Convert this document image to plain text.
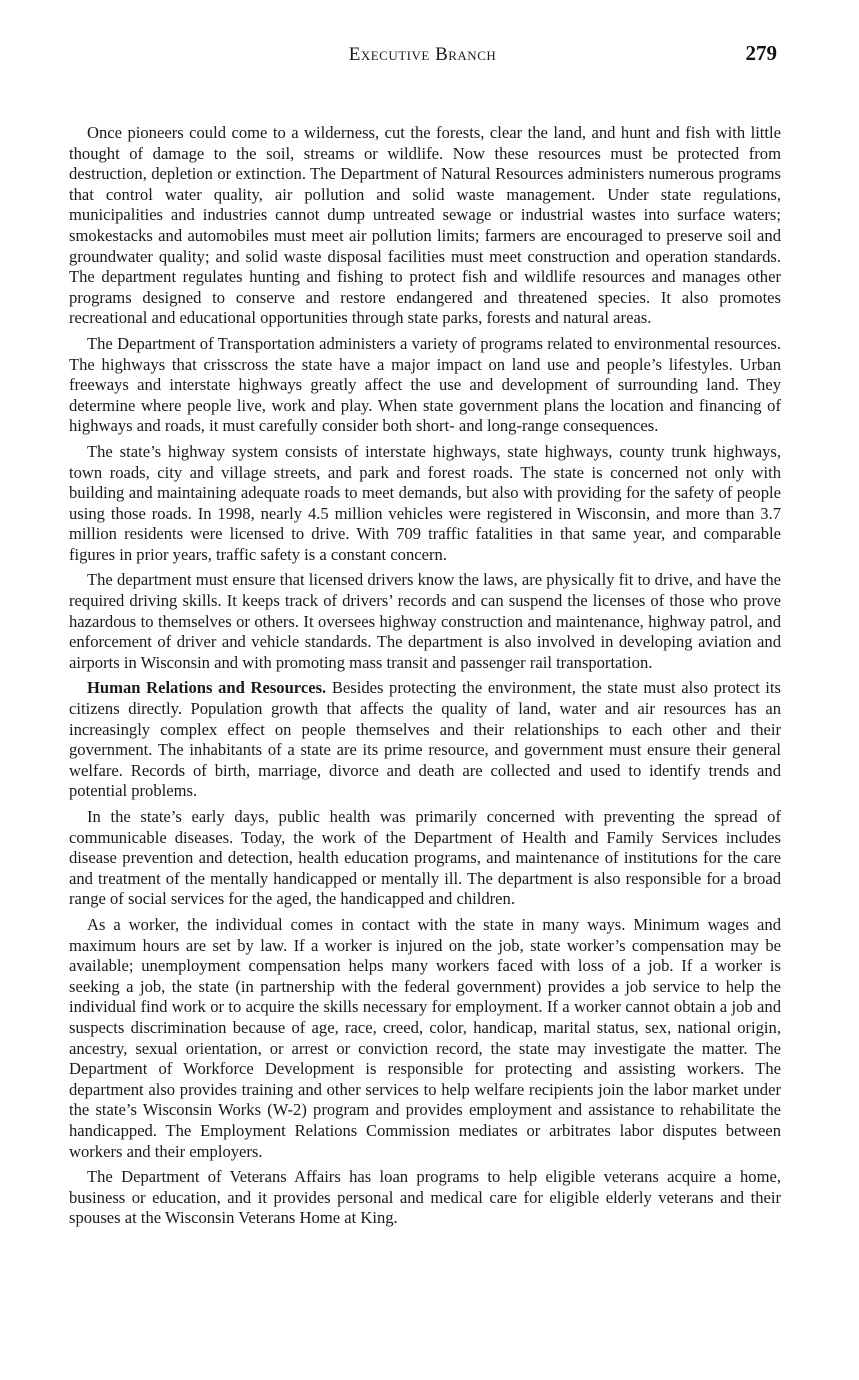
Executive Branch	279

Once pioneers could come to a wilderness, cut the forests, clear the land, and hunt and fish with little thought of damage to the soil, streams or wildlife. Now these resources must be protected from destruction, depletion or extinction. The Department of Natural Resources administers numerous programs that control water quality, air pollution and solid waste management. Under state regulations, municipalities and industries cannot dump untreated sewage or industrial wastes into surface waters; smokestacks and automobiles must meet air pollution limits; farmers are encouraged to preserve soil and groundwater quality; and solid waste disposal facilities must meet construction and operation standards. The department regulates hunting and fishing to protect fish and wildlife resources and manages other programs designed to conserve and restore endangered and threatened species. It also promotes recreational and educational opportunities through state parks, forests and natural areas.

The Department of Transportation administers a variety of programs related to environmental resources. The highways that crisscross the state have a major impact on land use and people’s lifestyles. Urban freeways and interstate highways greatly affect the use and development of surrounding land. They determine where people live, work and play. When state government plans the location and financing of highways and roads, it must carefully consider both short- and long-range consequences.

The state’s highway system consists of interstate highways, state highways, county trunk highways, town roads, city and village streets, and park and forest roads. The state is concerned not only with building and maintaining adequate roads to meet demands, but also with providing for the safety of people using those roads. In 1998, nearly 4.5 million vehicles were registered in Wisconsin, and more than 3.7 million residents were licensed to drive. With 709 traffic fatalities in that same year, and comparable figures in prior years, traffic safety is a constant concern.

The department must ensure that licensed drivers know the laws, are physically fit to drive, and have the required driving skills. It keeps track of drivers’ records and can suspend the licenses of those who prove hazardous to themselves or others. It oversees highway construction and maintenance, highway patrol, and enforcement of driver and vehicle standards. The department is also involved in developing aviation and airports in Wisconsin and with promoting mass transit and passenger rail transportation.

Human Relations and Resources. Besides protecting the environment, the state must also protect its citizens directly. Population growth that affects the quality of land, water and air resources has an increasingly complex effect on people themselves and their relationships to each other and their government. The inhabitants of a state are its prime resource, and government must ensure their general welfare. Records of birth, marriage, divorce and death are collected and used to identify trends and potential problems.

In the state’s early days, public health was primarily concerned with preventing the spread of communicable diseases. Today, the work of the Department of Health and Family Services includes disease prevention and detection, health education programs, and maintenance of institutions for the care and treatment of the mentally handicapped or mentally ill. The department is also responsible for a broad range of social services for the aged, the handicapped and children.

As a worker, the individual comes in contact with the state in many ways. Minimum wages and maximum hours are set by law. If a worker is injured on the job, state worker’s compensation may be available; unemployment compensation helps many workers faced with loss of a job. If a worker is seeking a job, the state (in partnership with the federal government) provides a job service to help the individual find work or to acquire the skills necessary for employment. If a worker cannot obtain a job and suspects discrimination because of age, race, creed, color, handicap, marital status, sex, national origin, ancestry, sexual orientation, or arrest or conviction record, the state may investigate the matter. The Department of Workforce Development is responsible for protecting and assisting workers. The department also provides training and other services to help welfare recipients join the labor market under the state’s Wisconsin Works (W-2) program and provides employment and assistance to rehabilitate the handicapped. The Employment Relations Commission mediates or arbitrates labor disputes between workers and their employers.

The Department of Veterans Affairs has loan programs to help eligible veterans acquire a home, business or education, and it provides personal and medical care for eligible elderly veterans and their spouses at the Wisconsin Veterans Home at King.
